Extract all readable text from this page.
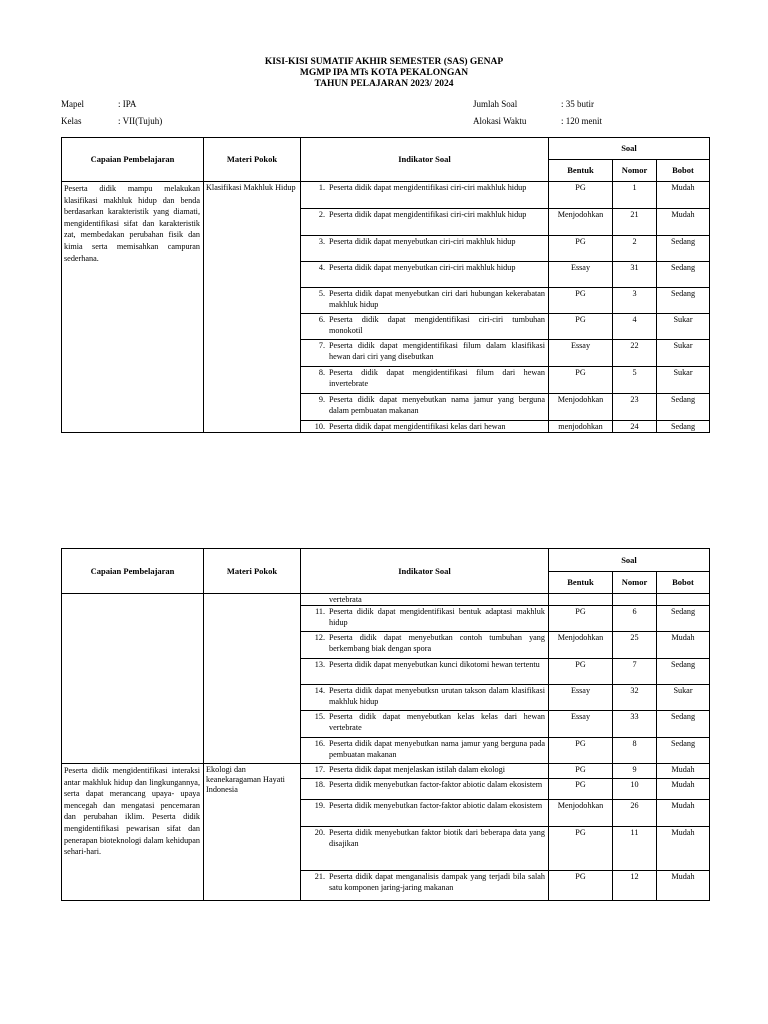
KISI-KISI SUMATIF AKHIR SEMESTER (SAS) GENAP
MGMP IPA MTs KOTA PEKALONGAN
TAHUN PELAJARAN 2023/ 2024
Mapel	: IPA
Kelas	: VII(Tujuh)
Jumlah Soal	: 35 butir
Alokasi Waktu	: 120 menit
Capaian Pembelajaran	Materi Pokok	Indikator Soal	Soal		
			Bentuk	Nomor	Bobot
Peserta didik mampu melakukan klasifikasi makhluk hidup dan benda berdasarkan karakteristik yang diamati, mengidentifikasi sifat dan karakteristik zat, membedakan perubahan fisik dan kimia serta memisahkan campuran sederhana.	Klasifikasi Makhluk Hidup	1. Peserta didik dapat mengidentifikasi ciri-ciri makhluk hidup	PG	1	Mudah

		2. Peserta didik dapat mengidentifikasi ciri-ciri makhluk hidup	Menjodohkan	21	Mudah

		3. Peserta didik dapat menyebutkan ciri-ciri makhluk hidup	PG	2	Sedang

		4. Peserta didik dapat menyebutkan ciri-ciri makhluk hidup	Essay	31	Sedang

		5. Peserta didik dapat menyebutkan ciri dari hubungan kekerabatan makhluk hidup	PG	3	Sedang

		6. Peserta didik dapat mengidentifikasi ciri-ciri tumbuhan monokotil	PG	4	Sukar

		7. Peserta didik dapat mengidentifikasi filum dalam klasifikasi hewan dari ciri yang disebutkan	Essay	22	Sukar

		8. Peserta didik dapat mengidentifikasi filum dari hewan invertebrate	PG	5	Sukar

		9. Peserta didik dapat menyebutkan nama jamur yang berguna dalam pembuatan makanan	Menjodohkan	23	Sedang

		10. Peserta didik dapat mengidentifikasi kelas dari hewan	menjodohkan	24	Sedang
Capaian Pembelajaran	Materi Pokok	Indikator Soal	Soal		
			Bentuk	Nomor	Bobot

		vertebrata			

		11. Peserta didik dapat mengidentifikasi bentuk adaptasi makhluk hidup	PG	6	Sedang

		12. Peserta didik dapat menyebutkan contoh tumbuhan yang berkembang biak dengan spora	Menjodohkan	25	Mudah

		13. Peserta didik dapat menyebutkan kunci dikotomi hewan tertentu	PG	7	Sedang

		14. Peserta didik dapat menyebutksn urutan takson dalam klasifikasi makhluk hidup	Essay	32	Sukar

		15. Peserta didik dapat menyebutkan kelas kelas dari hewan vertebrate	Essay	33	Sedang

		16. Peserta didik dapat menyebutkan nama jamur yang berguna pada pembuatan makanan	PG	8	Sedang
Peserta didik mengidentifikasi interaksi antar makhluk hidup dan lingkungannya, serta dapat merancang upaya- upaya mencegah dan mengatasi pencemaran dan perubahan iklim. Peserta didik mengidentifikasi pewarisan sifat dan penerapan bioteknologi dalam kehidupan sehari-hari.	Ekologi dan keanekaragaman Hayati Indonesia	17. Peserta didik dapat menjelaskan istilah dalam ekologi	PG	9	Mudah

		18. Peserta didik menyebutkan factor-faktor abiotic dalam ekosistem	PG	10	Mudah

		19. Peserta didik menyebutkan factor-faktor abiotic dalam ekosistem	Menjodohkan	26	Mudah

		20. Peserta didik menyebutkan faktor biotik dari beberapa data yang disajikan	PG	11	Mudah

		21. Peserta didik dapat menganalisis dampak yang terjadi bila salah satu komponen jaring-jaring makanan	PG	12	Mudah
